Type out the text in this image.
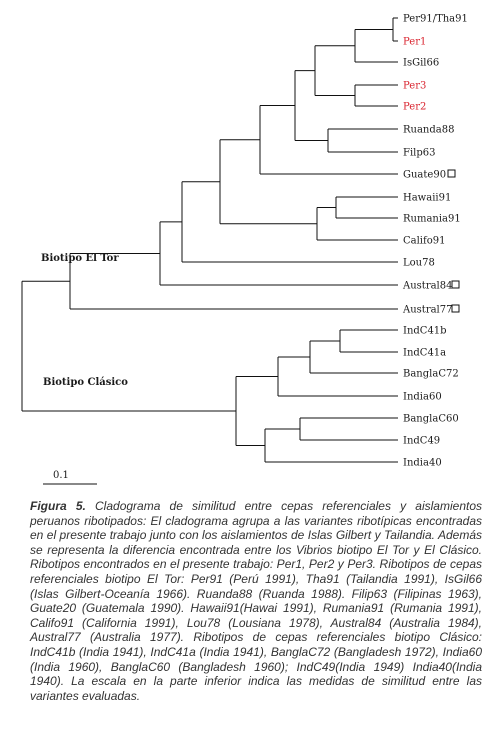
Per91/Tha91
Per1
IsGil66
Per3
Per2
Ruanda88
Filp63
Guate90
Hawaii91
Rumania91
Califo91
Lou78
Austral84
Austral77
IndC41b
IndC41a
BanglaC72
India60
BanglaC60
IndC49
India40
Biotipo El Tor
Biotipo Clásico
0.1

Figura 5. Cladograma de similitud entre cepas referenciales y aislamientos peruanos ribotipados: El cladograma agrupa a las variantes ribotípicas encontradas en el presente trabajo junto con los aislamientos de Islas Gilbert y Tailandia. Además se representa la diferencia encontrada entre los Vibrios biotipo El Tor y El Clásico. Ribotipos encontrados en el presente trabajo: Per1, Per2 y Per3. Ribotipos de cepas referenciales biotipo El Tor: Per91 (Perú 1991), Tha91 (Tailandia 1991), IsGil66 (Islas Gilbert-Oceanía 1966). Ruanda88 (Ruanda 1988). Filip63 (Filipinas 1963), Guate20 (Guatemala 1990). Hawaii91(Hawai 1991), Rumania91 (Rumania 1991), Califo91 (California 1991), Lou78 (Lousiana 1978), Austral84 (Australia 1984), Austral77 (Australia 1977). Ribotipos de cepas referenciales biotipo Clásico: IndC41b (India 1941), IndC41a (India 1941), BanglaC72 (Bangladesh 1972), India60 (India 1960), BanglaC60 (Bangladesh 1960); IndC49(India 1949) India40(India 1940). La escala en la parte inferior indica las medidas de similitud entre las variantes evaluadas.
